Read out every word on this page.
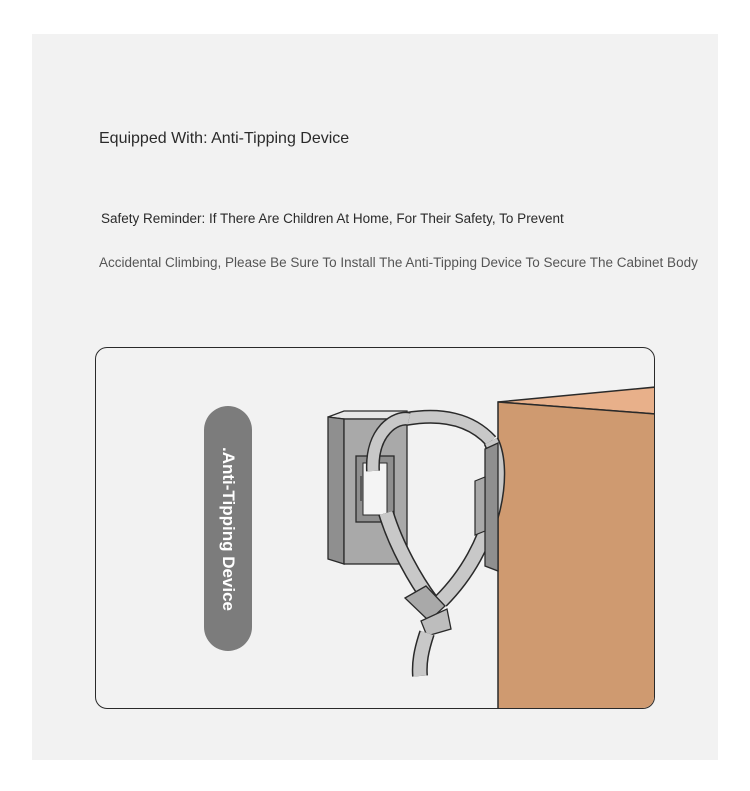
Equipped With: Anti-Tipping Device
Safety Reminder: If There Are Children At Home, For Their Safety, To Prevent
Accidental Climbing, Please Be Sure To Install The Anti-Tipping Device To Secure The Cabinet Body
.Anti-Tipping Device
